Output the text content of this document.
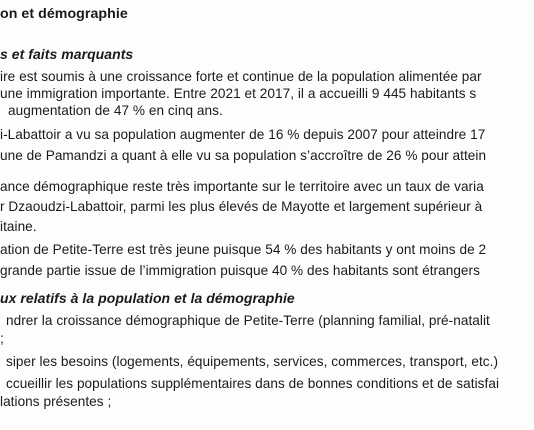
on et démographie
s et faits marquants
ire est soumis à une croissance forte et continue de la population alimentée par
une immigration importante. Entre 2021 et 2017, il a accueilli 9 445 habitants s
augmentation de 47 % en cinq ans.
i-Labattoir a vu sa population augmenter de 16 % depuis 2007 pour atteindre 17
une de Pamandzi a quant à elle vu sa population s’accroître de 26 % pour attein
ance démographique reste très importante sur le territoire avec un taux de varia
r Dzaoudzi-Labattoir, parmi les plus élevés de Mayotte et largement supérieur à
itaine.
ation de Petite-Terre est très jeune puisque 54 % des habitants y ont moins de 2
grande partie issue de l’immigration puisque 40 % des habitants sont étrangers
ux relatifs à la population et la démographie
ndrer la croissance démographique de Petite-Terre (planning familial, pré-natalit
;
siper les besoins (logements, équipements, services, commerces, transport, etc.)
ccueillir les populations supplémentaires dans de bonnes conditions et de satisfai
lations présentes ;
